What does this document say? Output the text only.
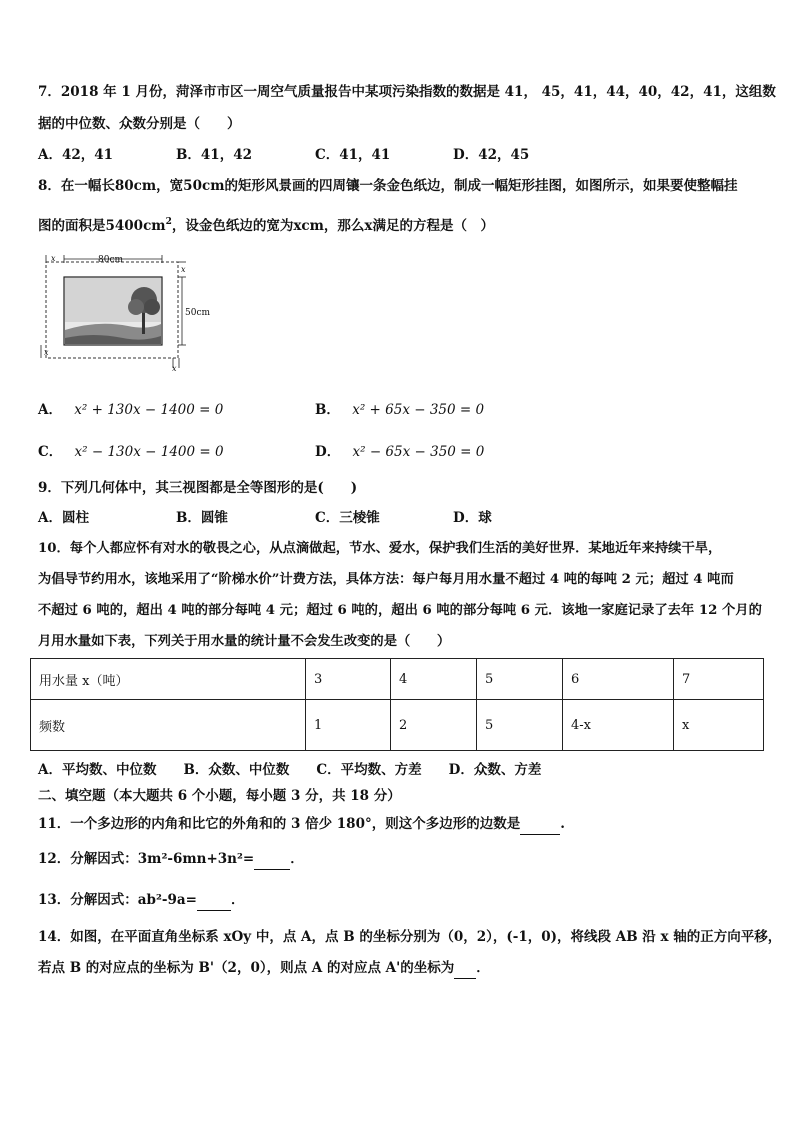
7．2018 年 1 月份，菏泽市市区一周空气质量报告中某项污染指数的数据是 41， 45，41，44，40，42，41，这组数
据的中位数、众数分别是（　　）
A．42，41	B．41，42	C．41，41	D．42，45
8．在一幅长80cm，宽50cm的矩形风景画的四周镶一条金色纸边，制成一幅矩形挂图，如图所示，如果要使整幅挂
图的面积是$5400cm^2$，设金色纸边的宽为xcm，那么x满足的方程是（　）
80cm
50cm
x
x
x
x
A． x² + 130x − 1400 = 0	B． x² + 65x − 350 = 0
C． x² − 130x − 1400 = 0	D． x² − 65x − 350 = 0
9．下列几何体中，其三视图都是全等图形的是(　　)
A．圆柱	B．圆锥	C．三棱锥	D．球
10．每个人都应怀有对水的敬畏之心，从点滴做起，节水、爱水，保护我们生活的美好世界．某地近年来持续干旱，
为倡导节约用水，该地采用了“阶梯水价”计费方法，具体方法：每户每月用水量不超过 4 吨的每吨 2 元；超过 4 吨而
不超过 6 吨的，超出 4 吨的部分每吨 4 元；超过 6 吨的，超出 6 吨的部分每吨 6 元．该地一家庭记录了去年 12 个月的
月用水量如下表，下列关于用水量的统计量不会发生改变的是（　　）
用水量 x（吨）	3	4	5	6	7
频数	1	2	5	4-x	x
A．平均数、中位数　　B．众数、中位数　　C．平均数、方差　　D．众数、方差
二、填空题（本大题共 6 个小题，每小题 3 分，共 18 分）
11．一个多边形的内角和比它的外角和的 3 倍少 180°，则这个多边形的边数是	.
12．分解因式：3m²-6mn+3n²=	．
13．分解因式：ab²-9a=	．
14．如图，在平面直角坐标系 xOy 中，点 A，点 B 的坐标分别为（0，2），(-1，0)，将线段 AB 沿 x 轴的正方向平移，
若点 B 的对应点的坐标为 B'（2，0），则点 A 的对应点 A'的坐标为 ．
